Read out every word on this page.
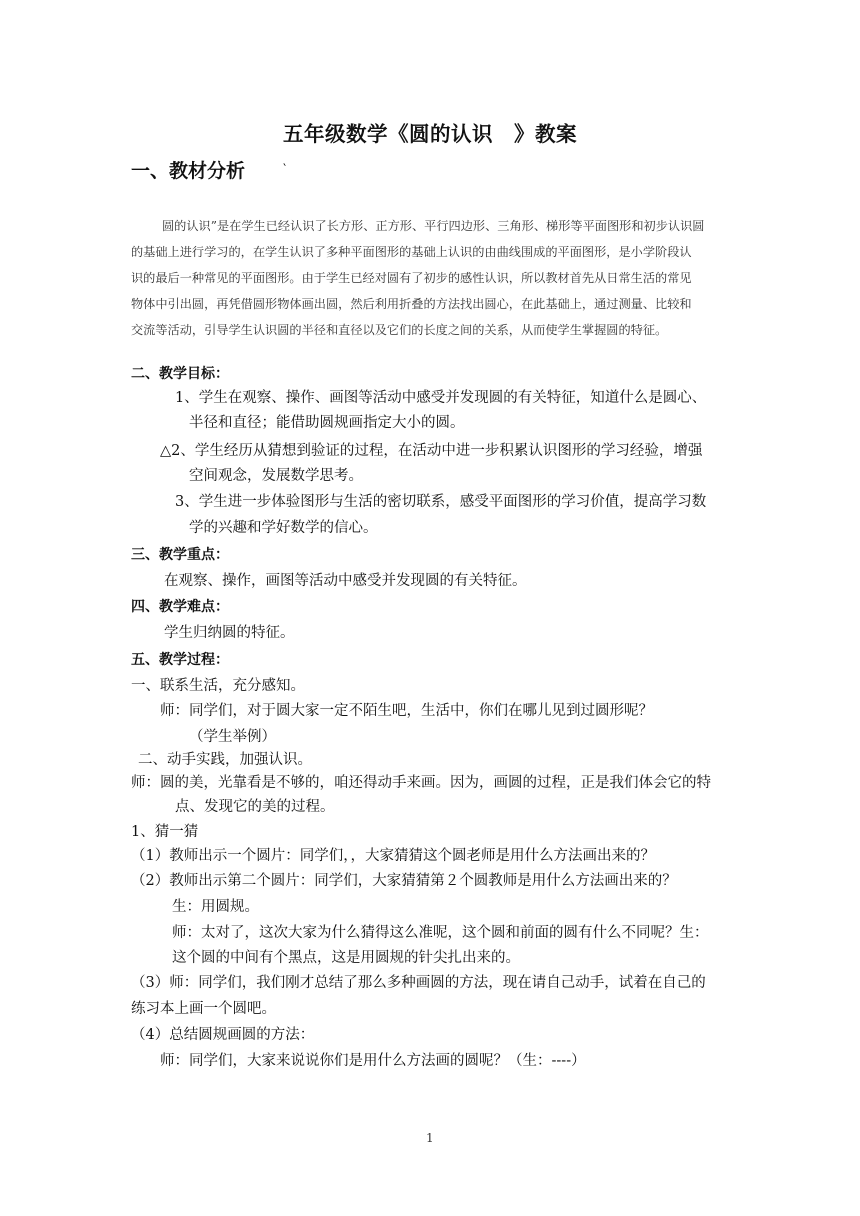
五年级数学《圆的认识　》教案
一、教材分析	‵
圆的认识”是在学生已经认识了长方形、正方形、平行四边形、三角形、梯形等平面图形和初步认识圆
的基础上进行学习的，在学生认识了多种平面图形的基础上认识的由曲线围成的平面图形，是小学阶段认
识的最后一种常见的平面图形。由于学生已经对圆有了初步的感性认识，所以教材首先从日常生活的常见
物体中引出圆，再凭借圆形物体画出圆，然后利用折叠的方法找出圆心，在此基础上，通过测量、比较和
交流等活动，引导学生认识圆的半径和直径以及它们的长度之间的关系，从而使学生掌握圆的特征。
二、教学目标：
1、学生在观察、操作、画图等活动中感受并发现圆的有关特征，知道什么是圆心、
半径和直径；能借助圆规画指定大小的圆。
△2、学生经历从猜想到验证的过程，在活动中进一步积累认识图形的学习经验，增强
空间观念，发展数学思考。
3、学生进一步体验图形与生活的密切联系，感受平面图形的学习价值，提高学习数
学的兴趣和学好数学的信心。
三、教学重点：
在观察、操作，画图等活动中感受并发现圆的有关特征。
四、教学难点：
学生归纳圆的特征。
五、教学过程：
一、联系生活，充分感知。
师：同学们，对于圆大家一定不陌生吧，生活中，你们在哪儿见到过圆形呢？
（学生举例）
二、动手实践，加强认识。
师：圆的美，光靠看是不够的，咱还得动手来画。因为，画圆的过程，正是我们体会它的特
点、发现它的美的过程。
1、猜一猜
（1）教师出示一个圆片：同学们，，大家猜猜这个圆老师是用什么方法画出来的？
（2）教师出示第二个圆片：同学们，大家猜猜第２个圆教师是用什么方法画出来的？
生：用圆规。
师：太对了，这次大家为什么猜得这么准呢，这个圆和前面的圆有什么不同呢？生：
这个圆的中间有个黑点，这是用圆规的针尖扎出来的。
（3）师：同学们，我们刚才总结了那么多种画圆的方法，现在请自己动手，试着在自己的
练习本上画一个圆吧。
（4）总结圆规画圆的方法：
师：同学们，大家来说说你们是用什么方法画的圆呢？（生：----）
1
